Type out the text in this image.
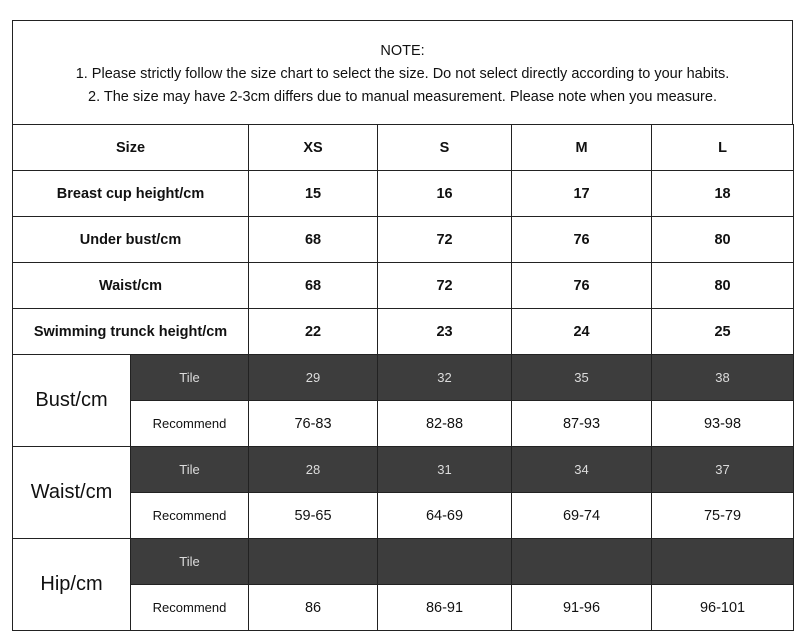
NOTE:
1. Please strictly follow the size chart to select the size. Do not select directly according to your habits.
2. The size may have 2-3cm differs due to manual measurement. Please note when you measure.
Size		XS	S	M	L
Breast cup height/cm		15	16	17	18
Under bust/cm		68	72	76	80
Waist/cm		68	72	76	80
Swimming trunck height/cm		22	23	24	25
Bust/cm	Tile	29	32	35	38
	Recommend	76-83	82-88	87-93	93-98
Waist/cm	Tile	28	31	34	37
	Recommend	59-65	64-69	69-74	75-79
Hip/cm	Tile				
	Recommend	86	86-91	91-96	96-101
